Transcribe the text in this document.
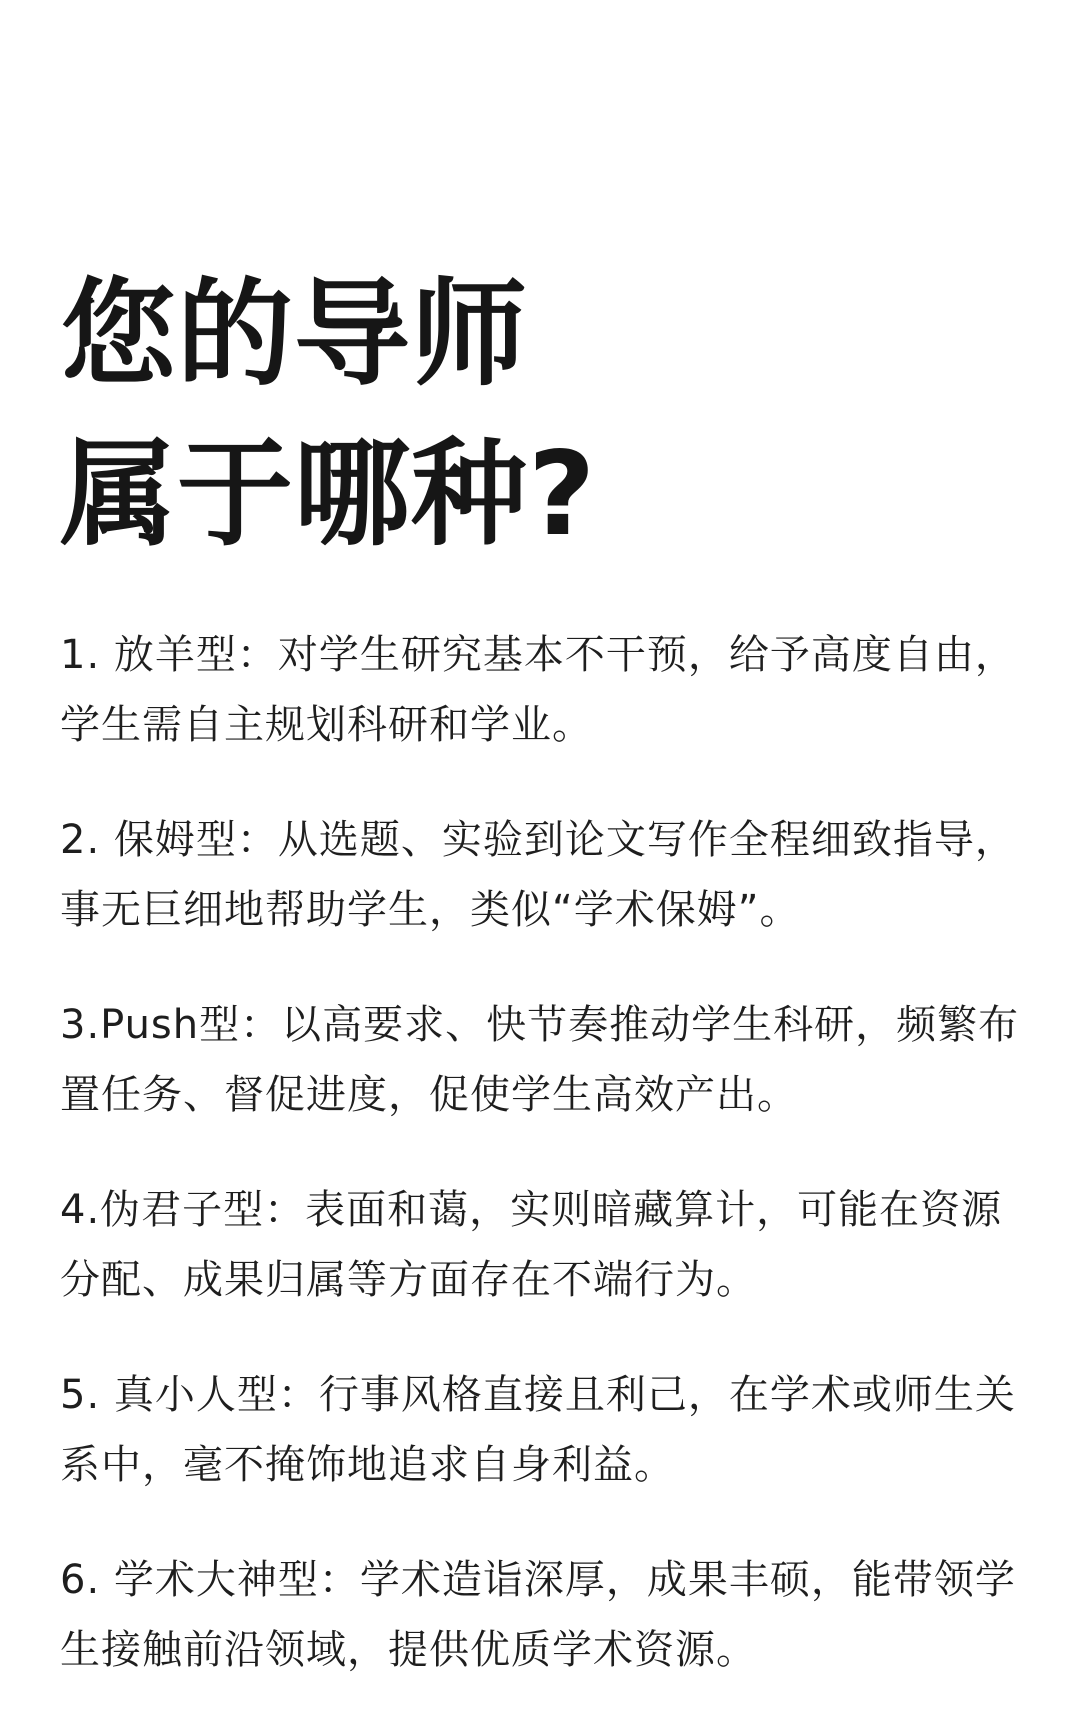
您的导师
属于哪种?
1. 放羊型：对学生研究基本不干预，给予高度自由，学生需自主规划科研和学业。
2. 保姆型：从选题、实验到论文写作全程细致指导，事无巨细地帮助学生，类似“学术保姆”。
3.Push型：以高要求、快节奏推动学生科研，频繁布置任务、督促进度，促使学生高效产出。
4.伪君子型：表面和蔼，实则暗藏算计，可能在资源分配、成果归属等方面存在不端行为。
5. 真小人型：行事风格直接且利己，在学术或师生关系中，毫不掩饰地追求自身利益。
6. 学术大神型：学术造诣深厚，成果丰硕，能带领学生接触前沿领域，提供优质学术资源。
